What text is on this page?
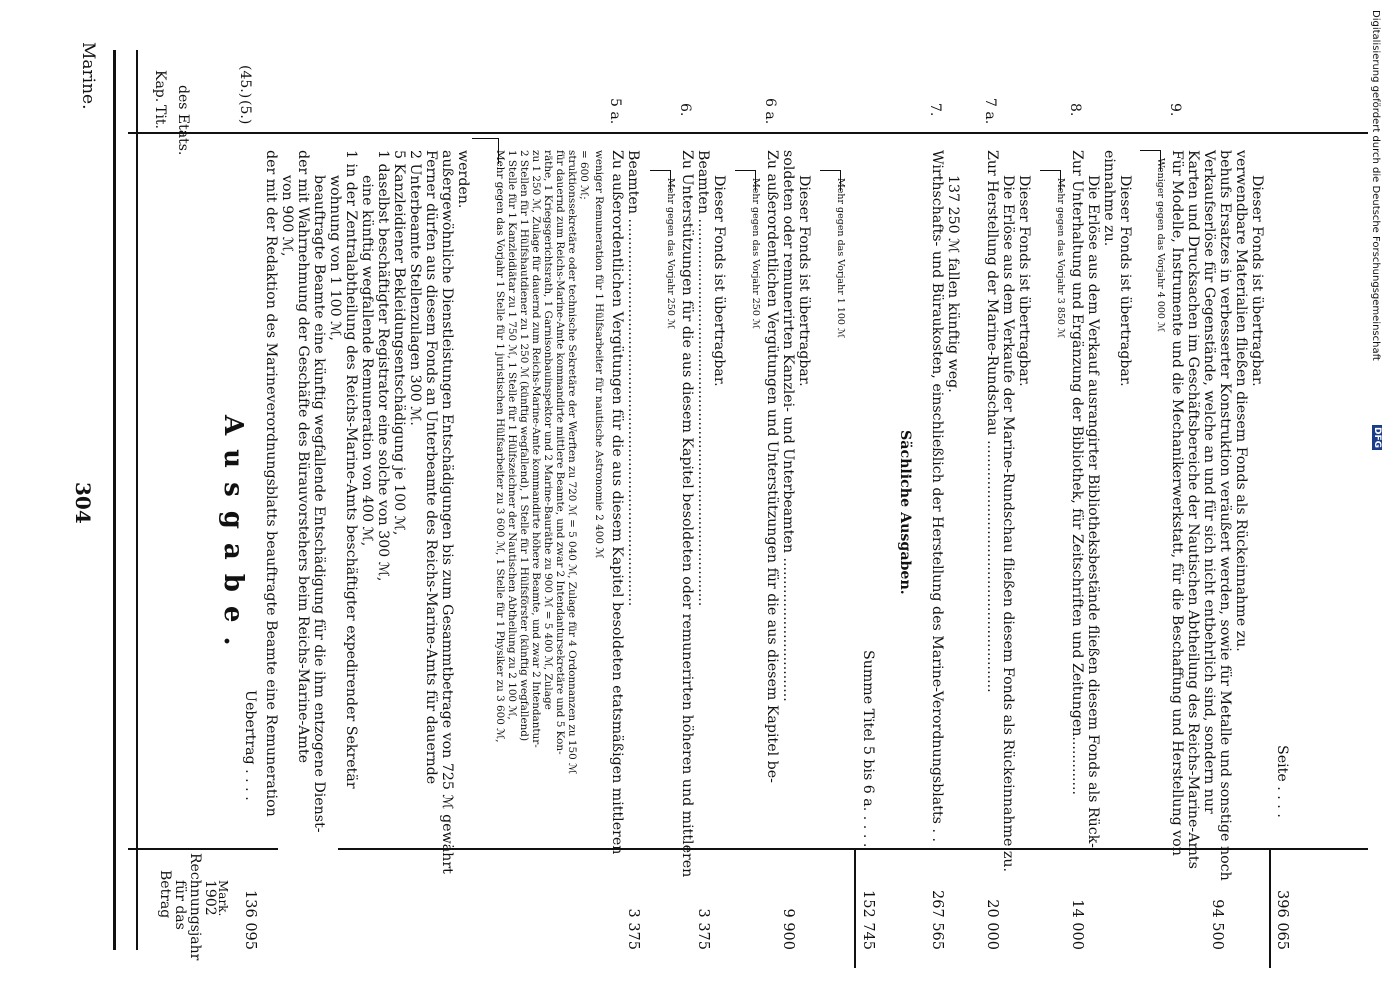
Marine.
304	Ausgabe.
Kap.
Tit. des Etats.
Betrag für das Rechnungsjahr 1902
Mark.
(45.)
(5.)
Uebertrag . . . .
136 095
der mit der Redaktion des Marineverordnungsblatts beauftragte Beamte eine Remuneration von 900 ℳ, der mit Wahrnehmung der Geschäfte des Bürauvorstehers beim Reichs-Marine-Amte beauftragte Beamte eine künftig wegfallende Entschädigung für die ihm entzogene Dienst- wohnung von 1 100 ℳ, 1 in der Zentralabtheilung des Reichs-Marine-Amts beschäftigter expedirender Sekretär eine künftig wegfallende Remuneration von 400 ℳ, 1 daselbst beschäftigter Registrator eine solche von 300 ℳ, 5 Kanzleidiener Bekleidungsentschädigung je 100 ℳ, 2 Unterbeamte Stellenzulagen 300 ℳ. Ferner dürfen aus diesem Fonds an Unterbeamte des Reichs-Marine-Amts für dauernde außergewöhnliche Dienstleistungen Entschädigungen bis zum Gesammtbetrage von 725 ℳ gewährt werden. Mehr gegen das Vorjahr 1 Stelle für 1 juristischen Hülfsarbeiter zu 3 600 ℳ, 1 Stelle für 1 Physiker zu 3 600 ℳ, 1 Stelle für 1 Kanzleidiätar zu 1 750 ℳ, 1 Stelle für 1 Hülfszeichner der Nautischen Abtheilung zu 2 100 ℳ, 2 Stellen für 1 Hülfshautdiener zu 1 250 ℳ (künftig wegfallend), 1 Stelle für 1 Hülfsförster (künftig wegfallend) zu 1 250 ℳ, Zulage für dauernd zum Reichs-Marine-Amte kommandirte höhere Beamte, und zwar 2 Intendantur- räthe, 1 Kriegsgerichtsrath, 1 Garnisonbauinspektor und 2 Marine-Bauräthe zu 900 ℳ = 5 400 ℳ, Zulage für dauernd zum Reichs-Marine-Amte kommandirte mittlere Beamte, und zwar 2 Intendantursekretäre und 5 Kon- struktionssekretäre oder technische Sekretäre der Werften zu 720 ℳ = 5 040 ℳ, Zulage für 4 Ordonnanzen zu 150 ℳ = 600 ℳ; weniger Remuneration für 1 Hülfsarbeiter für nautische Astronomie 2 400 ℳ
5 a.
Zu außerordentlichen Vergütungen für die aus diesem Kapitel besoldeten etatsmäßigen mittleren Beamten ......................................................................................
3 375
Mehr gegen das Vorjahr 250 ℳ
6.
Zu Unterstützungen für die aus diesem Kapitel besoldeten oder remunerirten höheren und mittleren Beamten ......................................................................................
3 375
Dieser Fonds ist übertragbar. Mehr gegen das Vorjahr 250 ℳ
6 a.
Zu außerordentlichen Vergütungen und Unterstützungen für die aus diesem Kapitel be- soldeten oder remunerirten Kanzlei- und Unterbeamten ................................
9 900
Dieser Fonds ist übertragbar. Mehr gegen das Vorjahr 1 100 ℳ
Summe Titel 5 bis 6 a. . . . .
152 745
Sächliche Ausgaben.
7.
Wirthschafts- und Büraukosten, einschließlich der Herstellung des Marine-Verordnungsblatts . .
267 565
137 250 ℳ fallen künftig weg.
7 a.
Zur Herstellung der Marine-Rundschau ........................................................
20 000
Die Erlöse aus dem Verkaufe der Marine-Rundschau fließen diesem Fonds als Rückeinnahme zu. Dieser Fonds ist übertragbar. Mehr gegen das Vorjahr 3 850 ℳ
8.
Zur Unterhaltung und Ergänzung der Bibliothek, für Zeitschriften und Zeitungen.............
14 000
Die Erlöse aus dem Verkauf ausrangirter Bibliotheksbestände fließen diesem Fonds als Rück- einnahme zu. Dieser Fonds ist übertragbar. Weniger gegen das Vorjahr 4 000 ℳ
9.
Für Modelle, Instrumente und die Mechanikerwerkstatt, für die Beschaffung und Herstellung von Karten und Drucksachen im Geschäftsbereiche der Nautischen Abtheilung des Reichs-Marine-Amts Verkaufserlöse für Gegenstände, welche an und für sich nicht entbehrlich sind, sondern nur behufs Ersatzes in verbesserter Konstruktion veräußert werden, sowie für Metalle und sonstige noch
94 500
verwendbare Materialien fließen diesem Fonds als Rückeinnahme zu. Dieser Fonds ist übertragbar.
Seite . . . .
396 065
Digitalisierung gefördert durch die Deutsche Forschungsgemeinschaft
DFG
